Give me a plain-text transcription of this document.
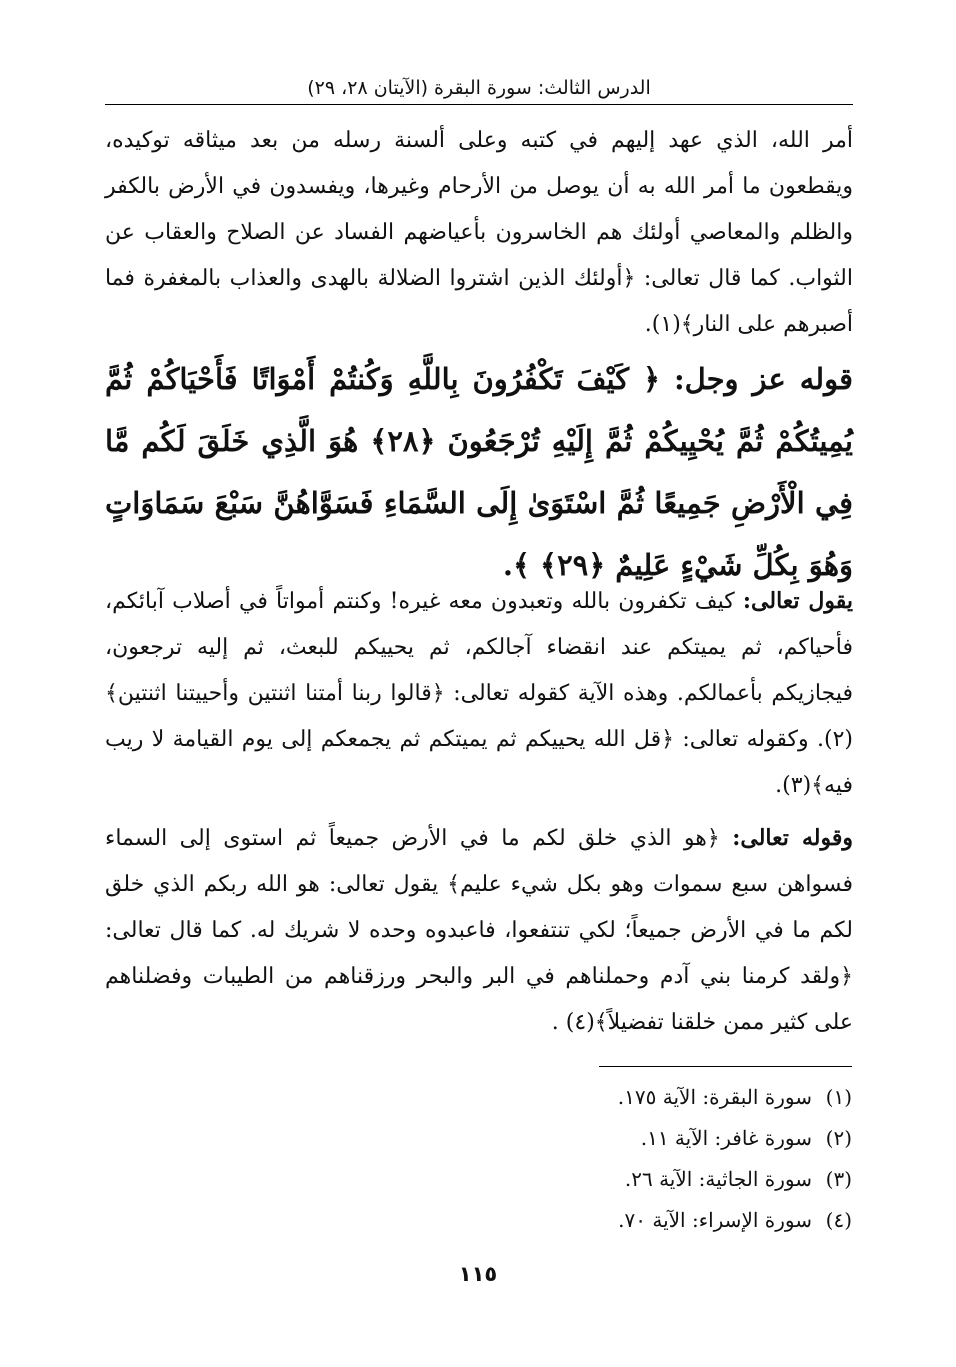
الدرس الثالث: سورة البقرة (الآيتان ٢٨، ٢٩)

أمر الله، الذي عهد إليهم في كتبه وعلى ألسنة رسله من بعد ميثاقه توكيده، ويقطعون ما أمر الله به أن يوصل من الأرحام وغيرها، ويفسدون في الأرض بالكفر والظلم والمعاصي أولئك هم الخاسرون بأعياضهم الفساد عن الصلاح والعقاب عن الثواب. كما قال تعالى: ﴿أولئك الذين اشتروا الضلالة بالهدى والعذاب بالمغفرة فما أصبرهم على النار﴾(١).

قوله عز وجل: ﴿ كَيْفَ تَكْفُرُونَ بِاللَّهِ وَكُنتُمْ أَمْوَاتًا فَأَحْيَاكُمْ ثُمَّ يُمِيتُكُمْ ثُمَّ يُحْيِيكُمْ ثُمَّ إِلَيْهِ تُرْجَعُونَ ﴿٢٨﴾ هُوَ الَّذِي خَلَقَ لَكُم مَّا فِي الْأَرْضِ جَمِيعًا ثُمَّ اسْتَوَىٰ إِلَى السَّمَاءِ فَسَوَّاهُنَّ سَبْعَ سَمَاوَاتٍ وَهُوَ بِكُلِّ شَيْءٍ عَلِيمٌ ﴿٢٩﴾ ﴾.

يقول تعالى: كيف تكفرون بالله وتعبدون معه غيره! وكنتم أمواتاً في أصلاب آبائكم، فأحياكم، ثم يميتكم عند انقضاء آجالكم، ثم يحييكم للبعث، ثم إليه ترجعون، فيجازيكم بأعمالكم. وهذه الآية كقوله تعالى: ﴿قالوا ربنا أمتنا اثنتين وأحييتنا اثنتين﴾(٢). وكقوله تعالى: ﴿قل الله يحييكم ثم يميتكم ثم يجمعكم إلى يوم القيامة لا ريب فيه﴾(٣).

وقوله تعالى: ﴿هو الذي خلق لكم ما في الأرض جميعاً ثم استوى إلى السماء فسواهن سبع سموات وهو بكل شيء عليم﴾ يقول تعالى: هو الله ربكم الذي خلق لكم ما في الأرض جميعاً؛ لكي تنتفعوا، فاعبدوه وحده لا شريك له. كما قال تعالى: ﴿ولقد كرمنا بني آدم وحملناهم في البر والبحر ورزقناهم من الطيبات وفضلناهم على كثير ممن خلقنا تفضيلاً﴾(٤) .

(١)سورة البقرة: الآية ١٧٥.
(٢)سورة غافر: الآية ١١.
(٣)سورة الجاثية: الآية ٢٦.
(٤)سورة الإسراء: الآية ٧٠.
١١٥
